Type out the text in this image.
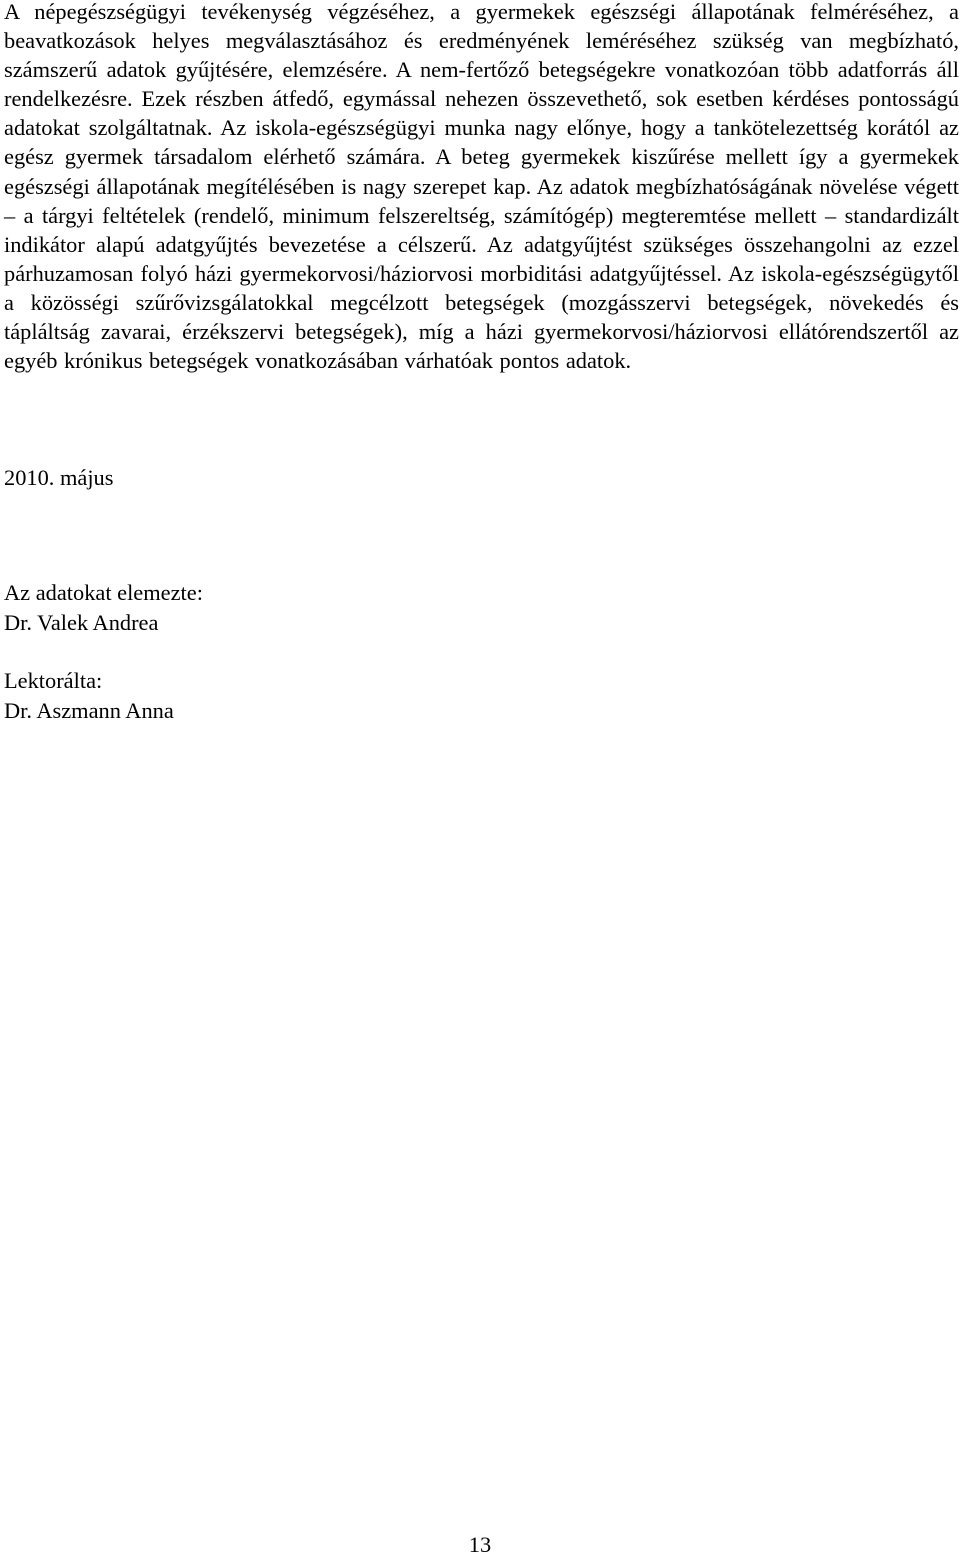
A népegészségügyi tevékenység végzéséhez, a gyermekek egészségi állapotának felméréséhez, a beavatkozások helyes megválasztásához és eredményének leméréséhez szükség van megbízható, számszerű adatok gyűjtésére, elemzésére. A nem-fertőző betegségekre vonatkozóan több adatforrás áll rendelkezésre. Ezek részben átfedő, egymással nehezen összevethető, sok esetben kérdéses pontosságú adatokat szolgáltatnak. Az iskola-egészségügyi munka nagy előnye, hogy a tankötelezettség korától az egész gyermek társadalom elérhető számára. A beteg gyermekek kiszűrése mellett így a gyermekek egészségi állapotának megítélésében is nagy szerepet kap. Az adatok megbízhatóságának növelése végett – a tárgyi feltételek (rendelő, minimum felszereltség, számítógép) megteremtése mellett – standardizált indikátor alapú adatgyűjtés bevezetése a célszerű. Az adatgyűjtést szükséges összehangolni az ezzel párhuzamosan folyó házi gyermekorvosi/háziorvosi morbiditási adatgyűjtéssel. Az iskola-egészségügytől a közösségi szűrővizsgálatokkal megcélzott betegségek (mozgásszervi betegségek, növekedés és tápláltság zavarai, érzékszervi betegségek), míg a házi gyermekorvosi/háziorvosi ellátórendszertől az egyéb krónikus betegségek vonatkozásában várhatóak pontos adatok.

2010. május

Az adatokat elemezte:

Dr. Valek Andrea

Lektorálta:

Dr. Aszmann Anna

13
